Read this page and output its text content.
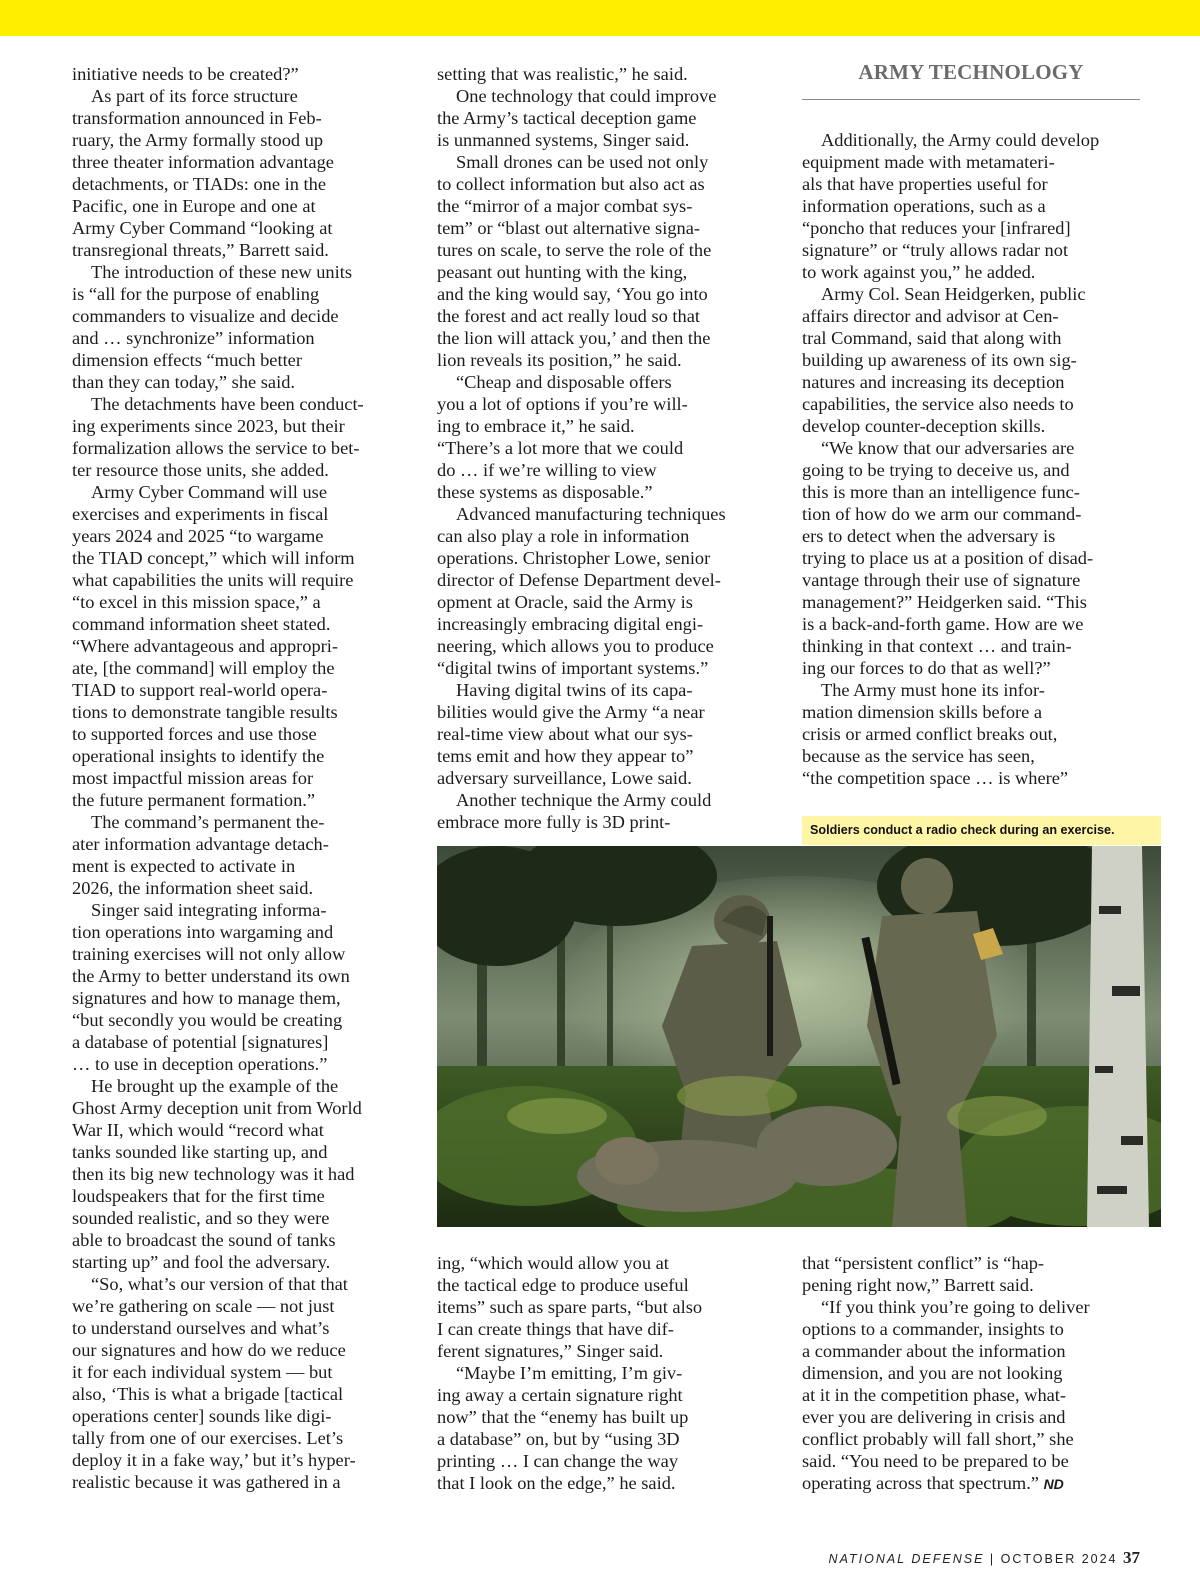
ARMY TECHNOLOGY

initiative needs to be created?”

As part of its force structure

transformation announced in Feb-

ruary, the Army formally stood up

three theater information advantage

detachments, or TIADs: one in the

Pacific, one in Europe and one at

Army Cyber Command “looking at

transregional threats,” Barrett said.

The introduction of these new units

is “all for the purpose of enabling

commanders to visualize and decide

and … synchronize” information

dimension effects “much better

than they can today,” she said.

The detachments have been conduct-

ing experiments since 2023, but their

formalization allows the service to bet-

ter resource those units, she added.

Army Cyber Command will use

exercises and experiments in fiscal

years 2024 and 2025 “to wargame

the TIAD concept,” which will inform

what capabilities the units will require

“to excel in this mission space,” a

command information sheet stated.

“Where advantageous and appropri-

ate, [the command] will employ the

TIAD to support real-world opera-

tions to demonstrate tangible results

to supported forces and use those

operational insights to identify the

most impactful mission areas for

the future permanent formation.”

The command’s permanent the-

ater information advantage detach-

ment is expected to activate in

2026, the information sheet said.

Singer said integrating informa-

tion operations into wargaming and

training exercises will not only allow

the Army to better understand its own

signatures and how to manage them,

“but secondly you would be creating

a database of potential [signatures]

… to use in deception operations.”

He brought up the example of the

Ghost Army deception unit from World

War II, which would “record what

tanks sounded like starting up, and

then its big new technology was it had

loudspeakers that for the first time

sounded realistic, and so they were

able to broadcast the sound of tanks

starting up” and fool the adversary.

“So, what’s our version of that that

we’re gathering on scale — not just

to understand ourselves and what’s

our signatures and how do we reduce

it for each individual system — but

also, ‘This is what a brigade [tactical

operations center] sounds like digi-

tally from one of our exercises. Let’s

deploy it in a fake way,’ but it’s hyper-

realistic because it was gathered in a

setting that was realistic,” he said.

One technology that could improve

the Army’s tactical deception game

is unmanned systems, Singer said.

Small drones can be used not only

to collect information but also act as

the “mirror of a major combat sys-

tem” or “blast out alternative signa-

tures on scale, to serve the role of the

peasant out hunting with the king,

and the king would say, ‘You go into

the forest and act really loud so that

the lion will attack you,’ and then the

lion reveals its position,” he said.

“Cheap and disposable offers

you a lot of options if you’re will-

ing to embrace it,” he said.

“There’s a lot more that we could

do … if we’re willing to view

these systems as disposable.”

Advanced manufacturing techniques

can also play a role in information

operations. Christopher Lowe, senior

director of Defense Department devel-

opment at Oracle, said the Army is

increasingly embracing digital engi-

neering, which allows you to produce

“digital twins of important systems.”

Having digital twins of its capa-

bilities would give the Army “a near

real-time view about what our sys-

tems emit and how they appear to”

adversary surveillance, Lowe said.

Another technique the Army could

embrace more fully is 3D print-

Additionally, the Army could develop

equipment made with metamateri-

als that have properties useful for

information operations, such as a

“poncho that reduces your [infrared]

signature” or “truly allows radar not

to work against you,” he added.

Army Col. Sean Heidgerken, public

affairs director and advisor at Cen-

tral Command, said that along with

building up awareness of its own sig-

natures and increasing its deception

capabilities, the service also needs to

develop counter-deception skills.

“We know that our adversaries are

going to be trying to deceive us, and

this is more than an intelligence func-

tion of how do we arm our command-

ers to detect when the adversary is

trying to place us at a position of disad-

vantage through their use of signature

management?” Heidgerken said. “This

is a back-and-forth game. How are we

thinking in that context … and train-

ing our forces to do that as well?”

The Army must hone its infor-

mation dimension skills before a

crisis or armed conflict breaks out,

because as the service has seen,

“the competition space … is where”

Soldiers conduct a radio check during an exercise.

ing, “which would allow you at

the tactical edge to produce useful

items” such as spare parts, “but also

I can create things that have dif-

ferent signatures,” Singer said.

“Maybe I’m emitting, I’m giv-

ing away a certain signature right

now” that the “enemy has built up

a database” on, but by “using 3D

printing … I can change the way

that I look on the edge,” he said.

that “persistent conflict” is “hap-

pening right now,” Barrett said.

“If you think you’re going to deliver

options to a commander, insights to

a commander about the information

dimension, and you are not looking

at it in the competition phase, what-

ever you are delivering in crisis and

conflict probably will fall short,” she

said. “You need to be prepared to be

operating across that spectrum.” ND

NATIONAL DEFENSE | OCTOBER 2024 37
